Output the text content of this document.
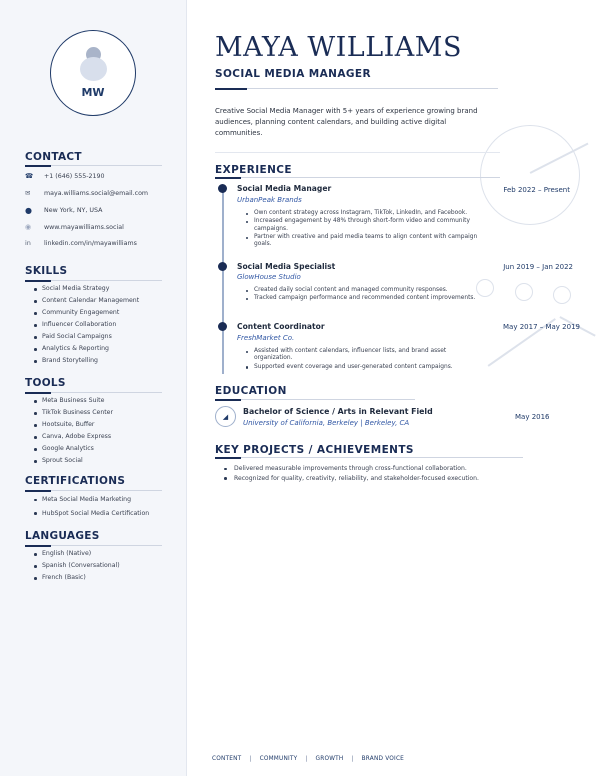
MW
CONTACT
☎	+1 (646) 555-2190
✉	maya.williams.social@email.com
●	New York, NY, USA
◉	www.mayawilliams.social
in	linkedin.com/in/mayawilliams
SKILLS
Social Media Strategy
Content Calendar Management
Community Engagement
Influencer Collaboration
Paid Social Campaigns
Analytics & Reporting
Brand Storytelling
TOOLS
Meta Business Suite
TikTok Business Center
Hootsuite, Buffer
Canva, Adobe Express
Google Analytics
Sprout Social
CERTIFICATIONS
Meta Social Media Marketing
HubSpot Social Media Certification
LANGUAGES
English (Native)
Spanish (Conversational)
French (Basic)
MAYA WILLIAMS
SOCIAL MEDIA MANAGER
Creative Social Media Manager with 5+ years of experience growing brand audiences, planning content calendars, and building active digital communities.
EXPERIENCE
Social Media Manager
UrbanPeak Brands
Feb 2022 – Present
Own content strategy across Instagram, TikTok, LinkedIn, and Facebook.
Increased engagement by 48% through short-form video and community campaigns.
Partner with creative and paid media teams to align content with campaign goals.
Social Media Specialist
GlowHouse Studio
Jun 2019 – Jan 2022
Created daily social content and managed community responses.
Tracked campaign performance and recommended content improvements.
Content Coordinator
FreshMarket Co.
May 2017 – May 2019
Assisted with content calendars, influencer lists, and brand asset organization.
Supported event coverage and user-generated content campaigns.
EDUCATION
◢
Bachelor of Science / Arts in Relevant Field
University of California, Berkeley | Berkeley, CA
May 2016
KEY PROJECTS / ACHIEVEMENTS
Delivered measurable improvements through cross-functional collaboration.
Recognized for quality, creativity, reliability, and stakeholder-focused execution.
CONTENT | COMMUNITY | GROWTH | BRAND VOICE
